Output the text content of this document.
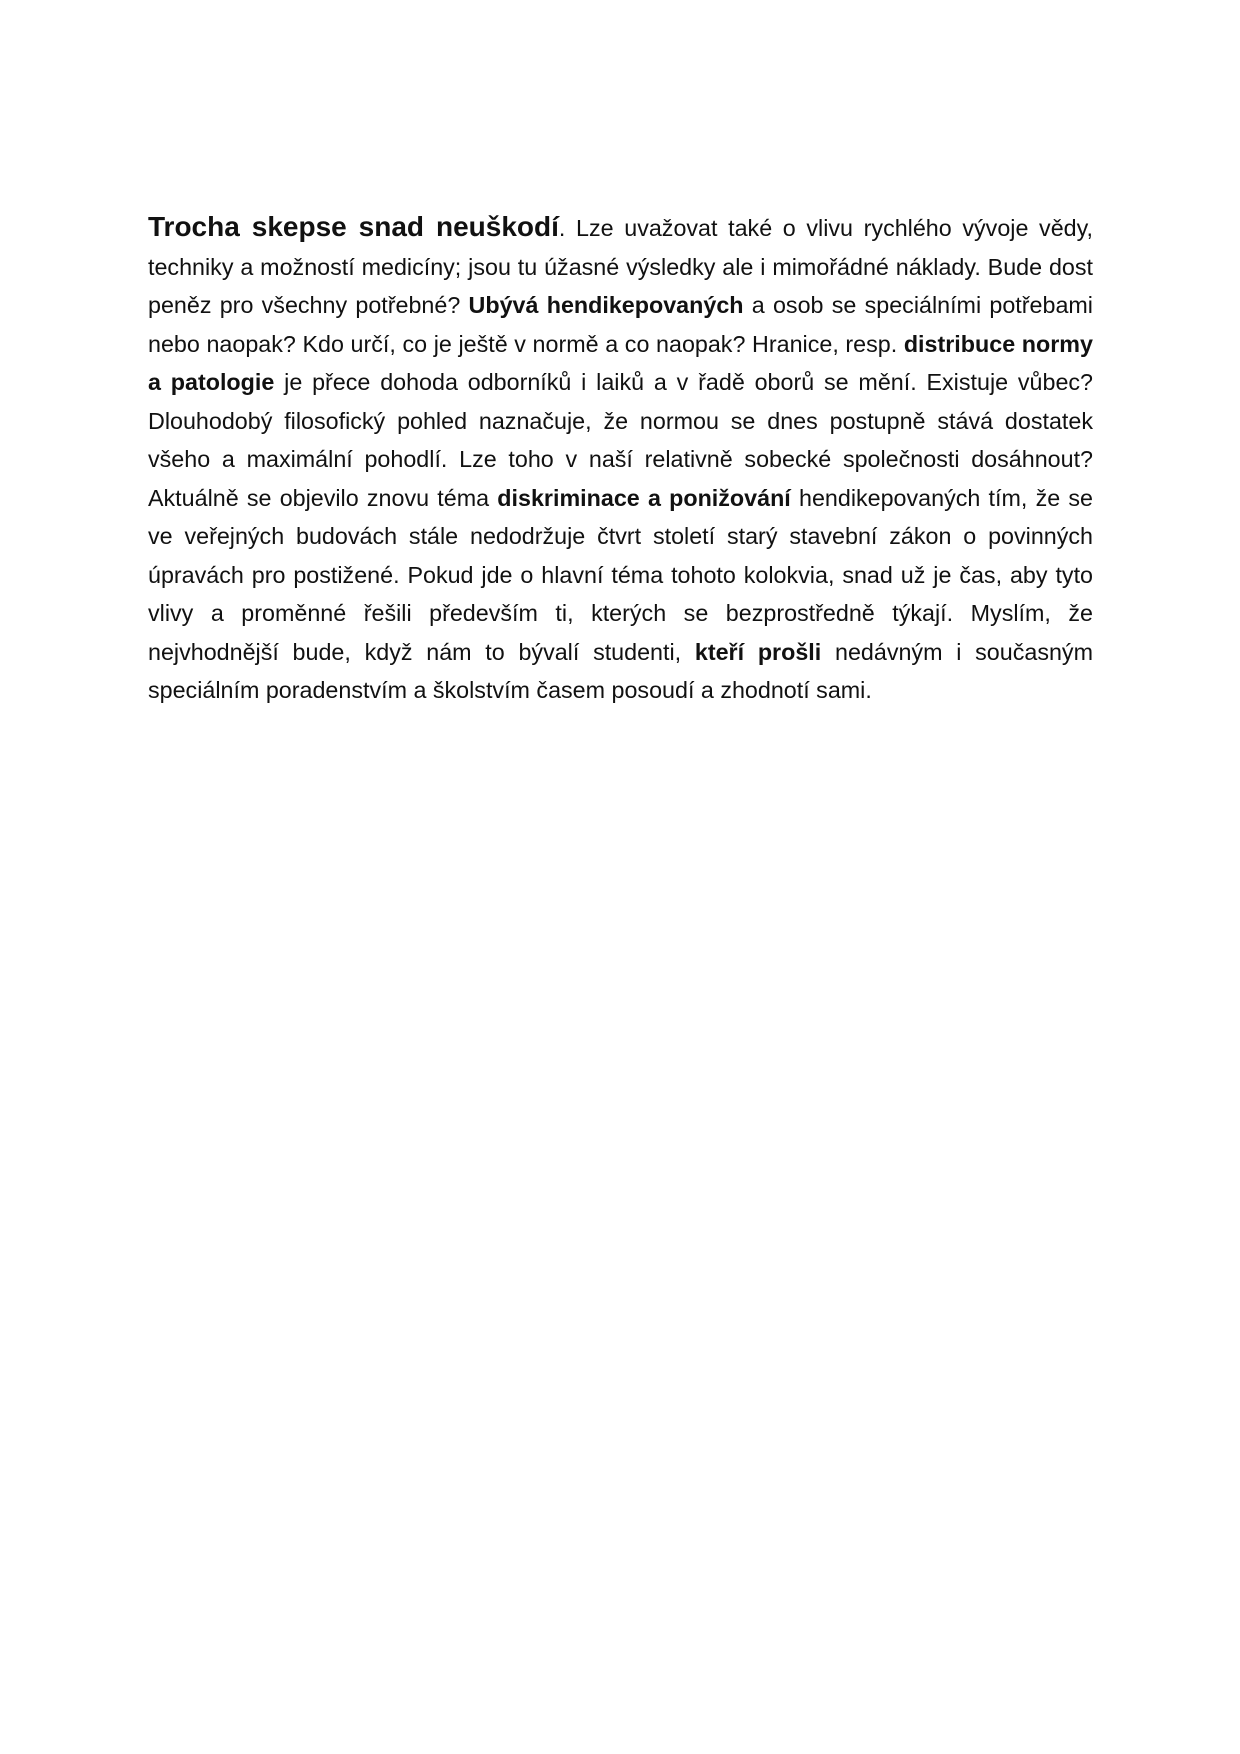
Trocha skepse snad neuškodí. Lze uvažovat také o vlivu rychlého vývoje vědy, techniky a možností medicíny; jsou tu úžasné výsledky ale i mimořádné náklady. Bude dost peněz pro všechny potřebné? Ubývá hendikepovaných a osob se speciálními potřebami nebo naopak? Kdo určí, co je ještě v normě a co naopak? Hranice, resp. distribuce normy a patologie je přece dohoda odborníků i laiků a v řadě oborů se mění. Existuje vůbec? Dlouhodobý filosofický pohled naznačuje, že normou se dnes postupně stává dostatek všeho a maximální pohodlí. Lze toho v naší relativně sobecké společnosti dosáhnout? Aktuálně se objevilo znovu téma diskriminace a ponižování hendikepovaných tím, že se ve veřejných budovách stále nedodržuje čtvrt století starý stavební zákon o povinných úpravách pro postižené. Pokud jde o hlavní téma tohoto kolokvia, snad už je čas, aby tyto vlivy a proměnné řešili především ti, kterých se bezprostředně týkají. Myslím, že nejvhodnější bude, když nám to bývalí studenti, kteří prošli nedávným i současným speciálním poradenstvím a školstvím časem posoudí a zhodnotí sami.
